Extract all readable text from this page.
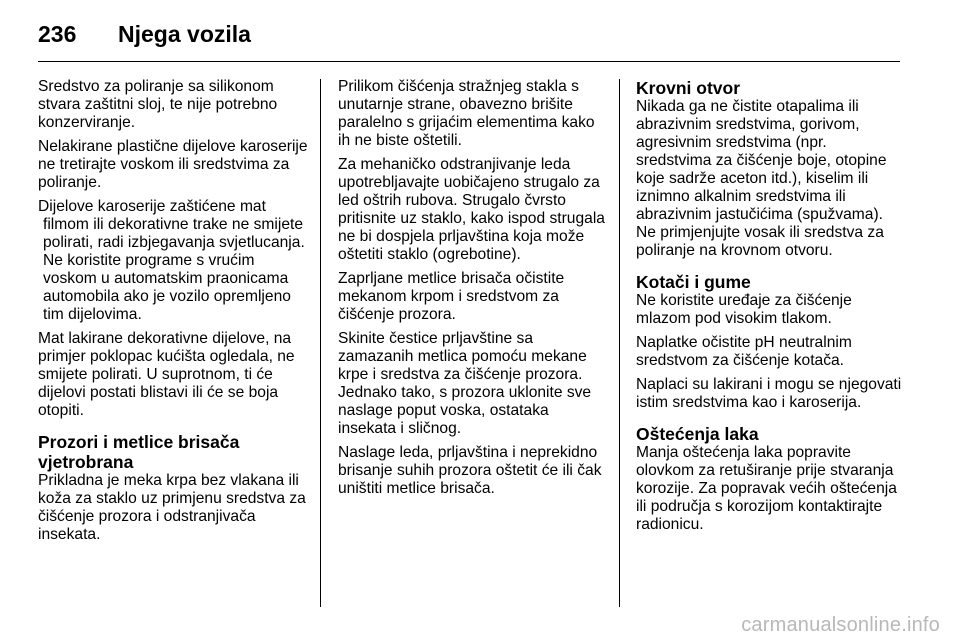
236	Njega vozila

Sredstvo za poliranje sa silikonom stvara zaštitni sloj, te nije potrebno konzerviranje.

Nelakirane plastične dijelove karoserije ne tretirajte voskom ili sredstvima za poliranje.

Dijelove karoserije zaštićene mat filmom ili dekorativne trake ne smijete polirati, radi izbjegavanja svjetlucanja. Ne koristite programe s vrućim voskom u automatskim praonicama automobila ako je vozilo opremljeno tim dijelovima.

Mat lakirane dekorativne dijelove, na primjer poklopac kućišta ogledala, ne smijete polirati. U suprotnom, ti će dijelovi postati blistavi ili će se boja otopiti.

Prozori i metlice brisača vjetrobrana

Prikladna je meka krpa bez vlakana ili koža za staklo uz primjenu sredstva za čišćenje prozora i odstranjivača insekata.

Prilikom čišćenja stražnjeg stakla s unutarnje strane, obavezno brišite paralelno s grijaćim elementima kako ih ne biste oštetili.

Za mehaničko odstranjivanje leda upotrebljavajte uobičajeno strugalo za led oštrih rubova. Strugalo čvrsto pritisnite uz staklo, kako ispod strugala ne bi dospjela prljavština koja može oštetiti staklo (ogrebotine).

Zaprljane metlice brisača očistite mekanom krpom i sredstvom za čišćenje prozora.

Skinite čestice prljavštine sa zamazanih metlica pomoću mekane krpe i sredstva za čišćenje prozora. Jednako tako, s prozora uklonite sve naslage poput voska, ostataka insekata i sličnog.

Naslage leda, prljavština i neprekidno brisanje suhih prozora oštetit će ili čak uništiti metlice brisača.

Krovni otvor

Nikada ga ne čistite otapalima ili abrazivnim sredstvima, gorivom, agresivnim sredstvima (npr. sredstvima za čišćenje boje, otopine koje sadrže aceton itd.), kiselim ili iznimno alkalnim sredstvima ili abrazivnim jastučićima (spužvama). Ne primjenjujte vosak ili sredstva za poliranje na krovnom otvoru.

Kotači i gume

Ne koristite uređaje za čišćenje mlazom pod visokim tlakom.

Naplatke očistite pH neutralnim sredstvom za čišćenje kotača.

Naplaci su lakirani i mogu se njegovati istim sredstvima kao i karoserija.

Oštećenja laka

Manja oštećenja laka popravite olovkom za retuširanje prije stvaranja korozije. Za popravak većih oštećenja ili područja s korozijom kontaktirajte radionicu.

carmanualsonline.info
